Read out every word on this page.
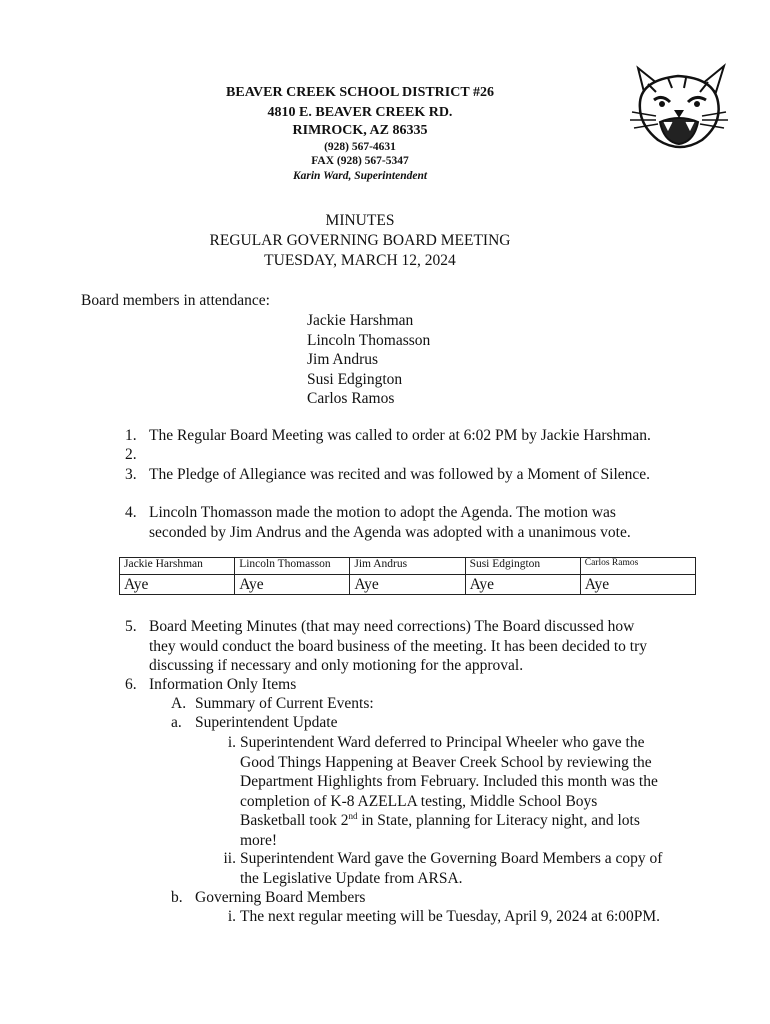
BEAVER CREEK SCHOOL DISTRICT #26
4810 E. BEAVER CREEK RD.
RIMROCK, AZ 86335
(928) 567-4631
FAX (928) 567-5347
Karin Ward, Superintendent
MINUTES
REGULAR GOVERNING BOARD MEETING
TUESDAY, MARCH 12, 2024
Board members in attendance:
Jackie Harshman
Lincoln Thomasson
Jim Andrus
Susi Edgington
Carlos Ramos
1. The Regular Board Meeting was called to order at 6:02 PM by Jackie Harshman.
2.
3. The Pledge of Allegiance was recited and was followed by a Moment of Silence.
4. Lincoln Thomasson made the motion to adopt the Agenda. The motion was
seconded by Jim Andrus and the Agenda was adopted with a unanimous vote.
Jackie Harshman	Lincoln Thomasson	Jim Andrus	Susi Edgington	Carlos Ramos
Aye	Aye	Aye	Aye	Aye
5. Board Meeting Minutes (that may need corrections) The Board discussed how
they would conduct the board business of the meeting. It has been decided to try
discussing if necessary and only motioning for the approval.
6. Information Only Items
A. Summary of Current Events:
a. Superintendent Update
i. Superintendent Ward deferred to Principal Wheeler who gave the
Good Things Happening at Beaver Creek School by reviewing the
Department Highlights from February. Included this month was the
completion of K-8 AZELLA testing, Middle School Boys
Basketball took 2nd in State, planning for Literacy night, and lots
more!
ii. Superintendent Ward gave the Governing Board Members a copy of
the Legislative Update from ARSA.
b. Governing Board Members
i. The next regular meeting will be Tuesday, April 9, 2024 at 6:00PM.
